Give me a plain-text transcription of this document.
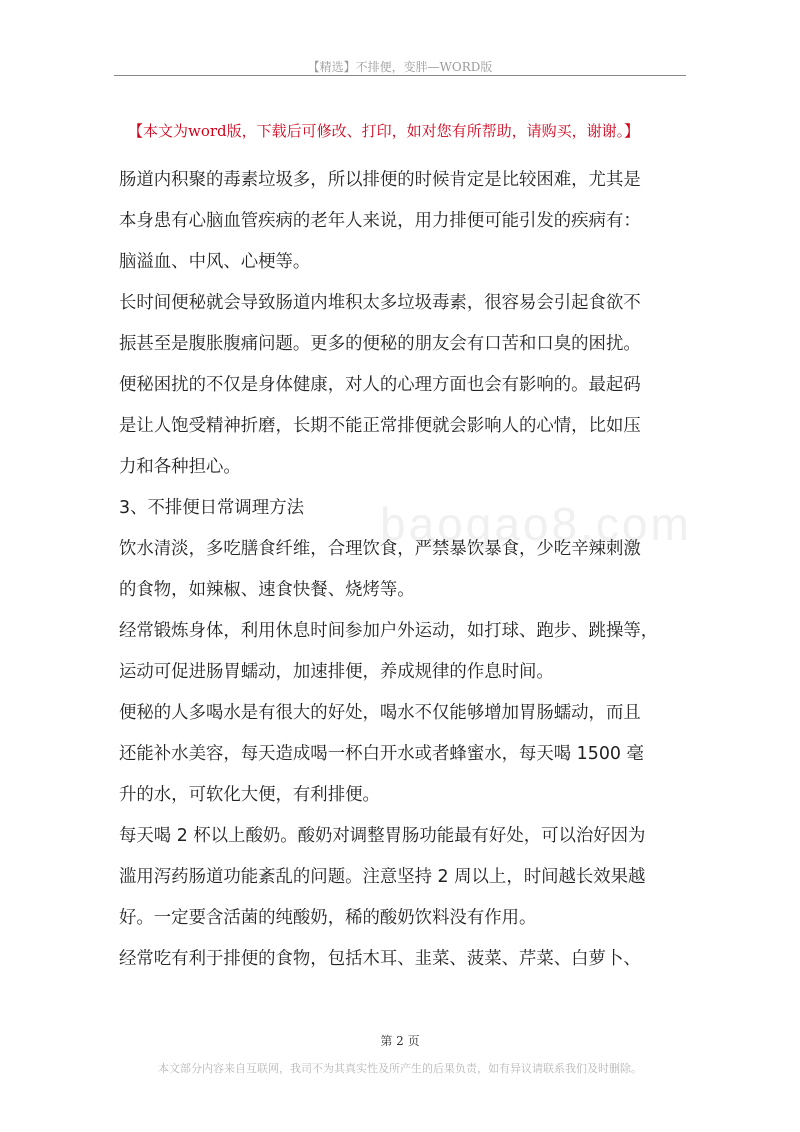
【精选】不排便，变胖—WORD版
【本文为word版，下载后可修改、打印，如对您有所帮助，请购买，谢谢。】
baogao8.com
肠道内积聚的毒素垃圾多，所以排便的时候肯定是比较困难，尤其是
本身患有心脑血管疾病的老年人来说，用力排便可能引发的疾病有：
脑溢血、中风、心梗等。
长时间便秘就会导致肠道内堆积太多垃圾毒素，很容易会引起食欲不
振甚至是腹胀腹痛问题。更多的便秘的朋友会有口苦和口臭的困扰。
便秘困扰的不仅是身体健康，对人的心理方面也会有影响的。最起码
是让人饱受精神折磨，长期不能正常排便就会影响人的心情，比如压
力和各种担心。
3、不排便日常调理方法
饮水清淡，多吃膳食纤维，合理饮食，严禁暴饮暴食，少吃辛辣刺激
的食物，如辣椒、速食快餐、烧烤等。
经常锻炼身体，利用休息时间参加户外运动，如打球、跑步、跳操等，
运动可促进肠胃蠕动，加速排便，养成规律的作息时间。
便秘的人多喝水是有很大的好处，喝水不仅能够增加胃肠蠕动，而且
还能补水美容，每天造成喝一杯白开水或者蜂蜜水，每天喝 1500 毫
升的水，可软化大便，有利排便。
每天喝 2 杯以上酸奶。酸奶对调整胃肠功能最有好处，可以治好因为
滥用泻药肠道功能紊乱的问题。注意坚持 2 周以上，时间越长效果越
好。一定要含活菌的纯酸奶，稀的酸奶饮料没有作用。
经常吃有利于排便的食物，包括木耳、韭菜、菠菜、芹菜、白萝卜、
第 2 页
本文部分内容来自互联网，我司不为其真实性及所产生的后果负责，如有异议请联系我们及时删除。
